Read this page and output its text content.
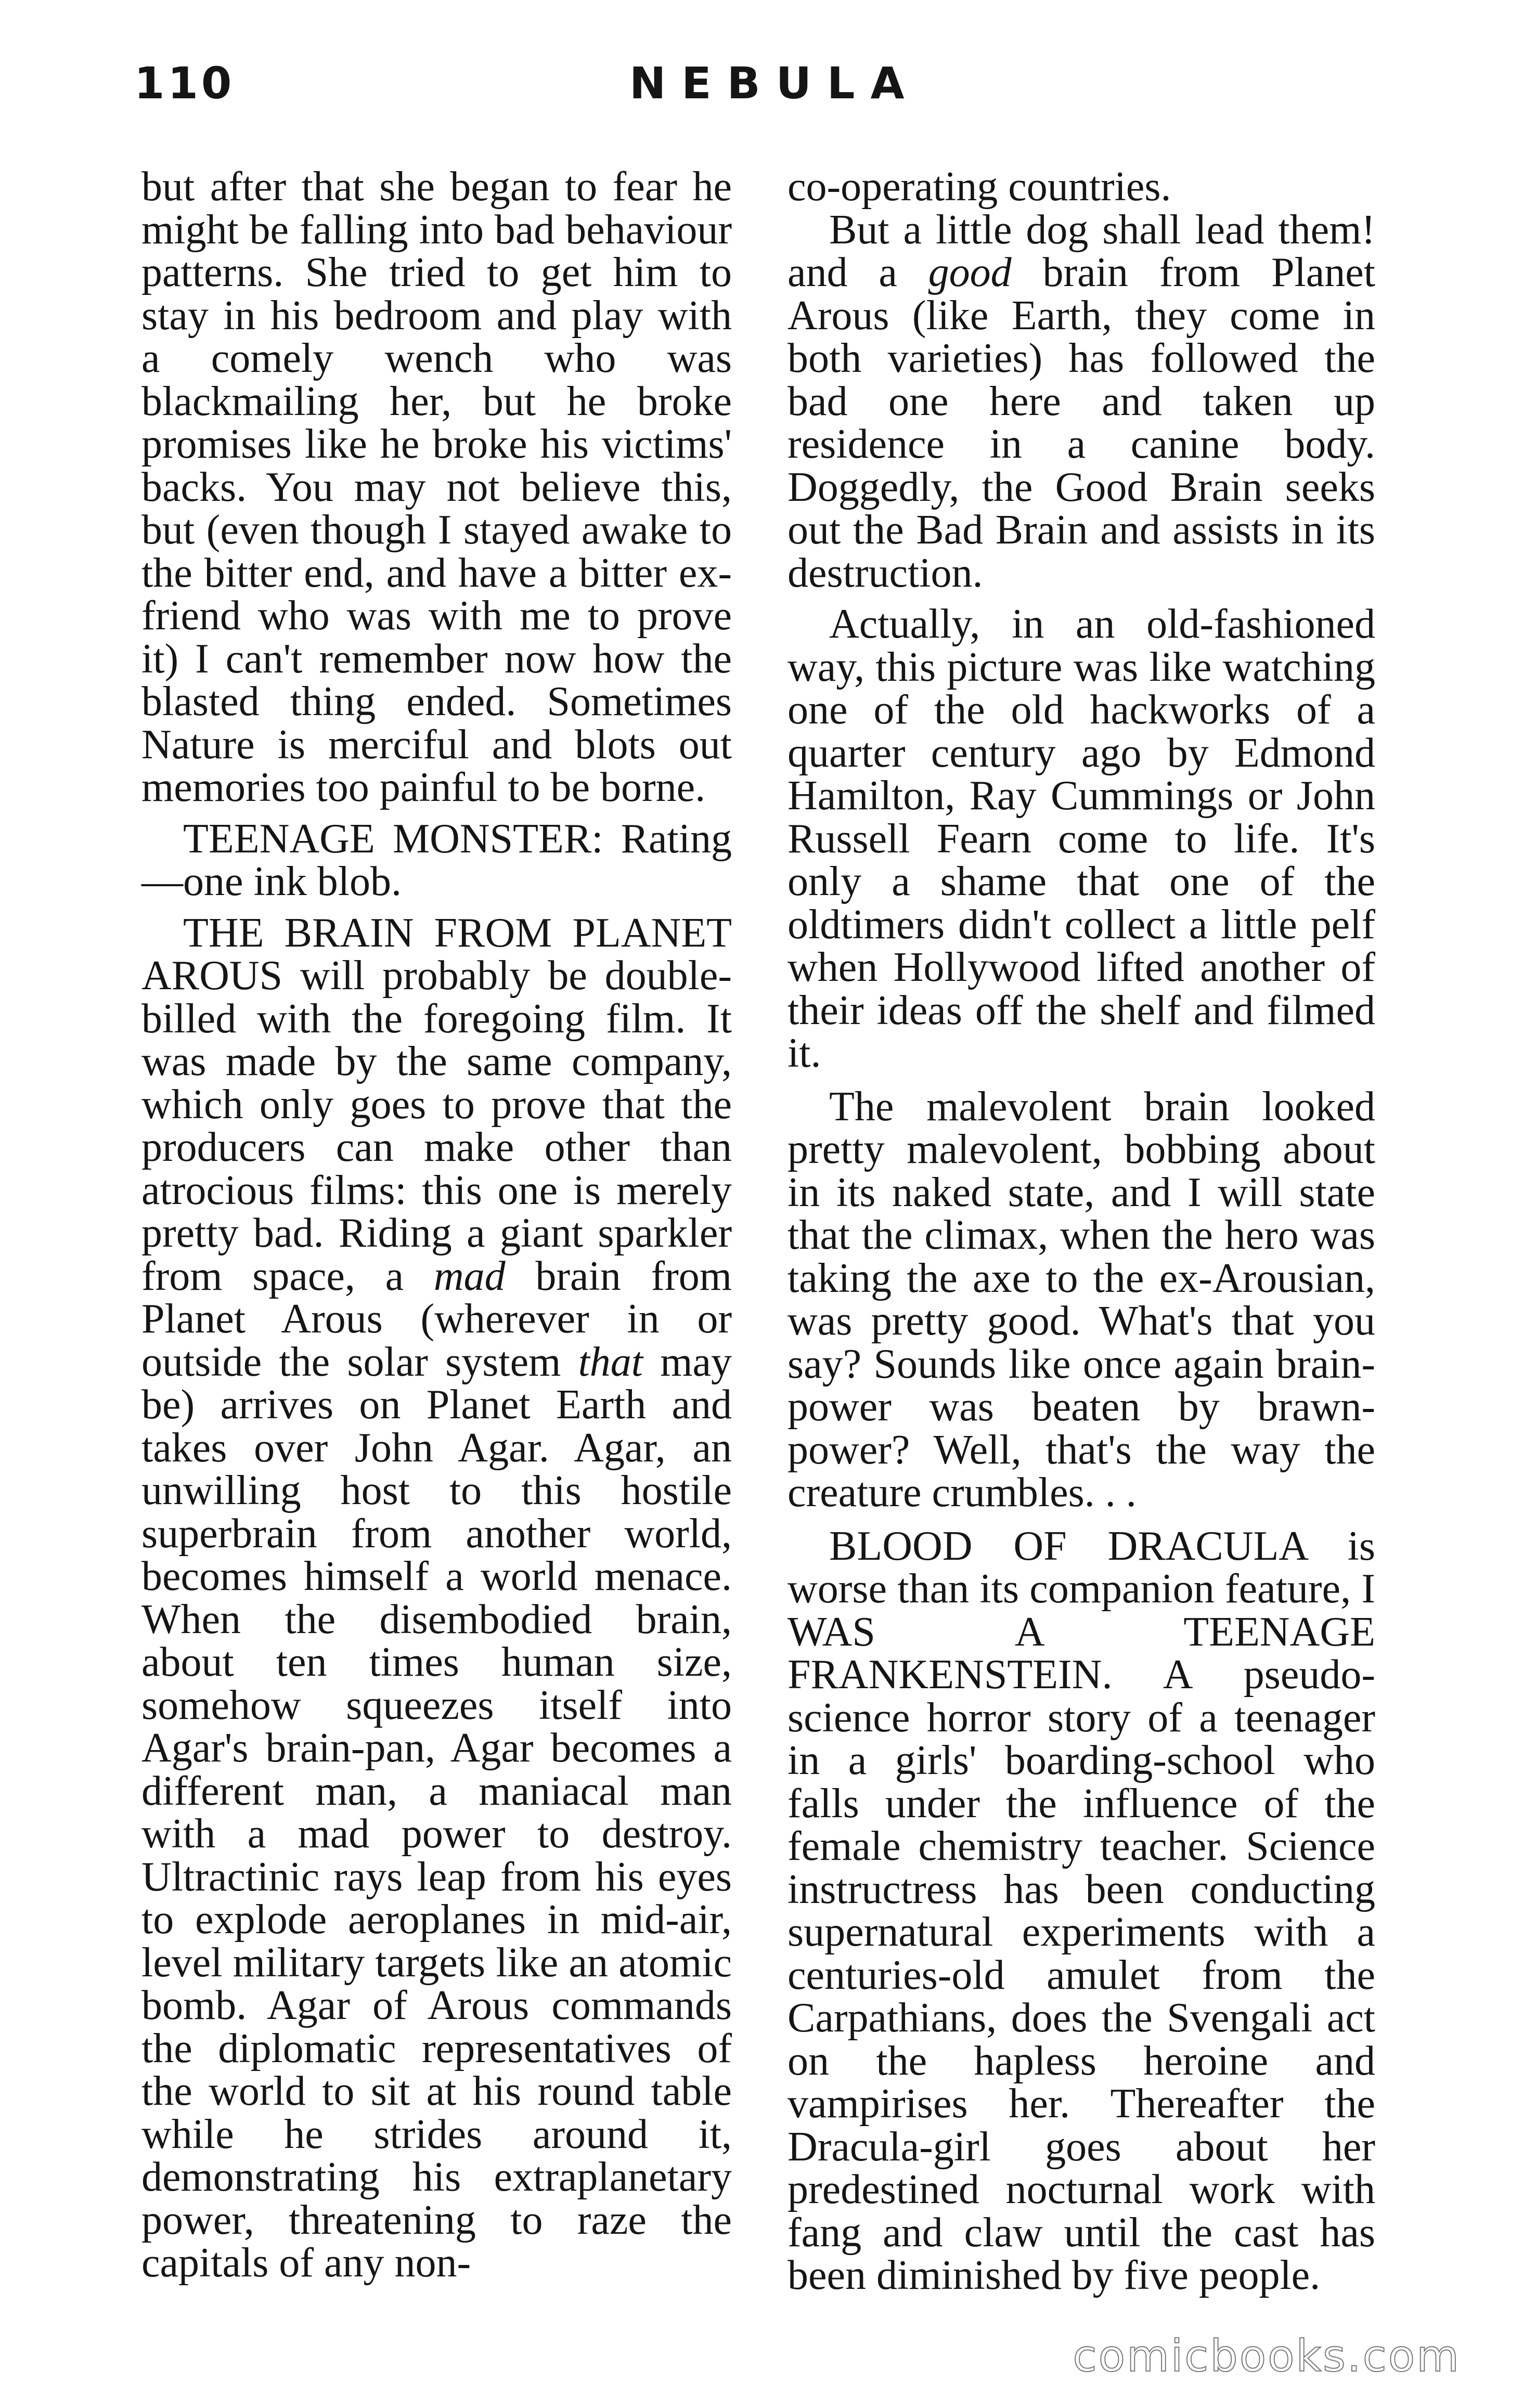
110	NEBULA

but after that she began to fear he might be falling into bad behaviour patterns. She tried to get him to stay in his bedroom and play with a comely wench who was blackmailing her, but he broke promises like he broke his victims' backs. You may not believe this, but (even though I stayed awake to the bitter end, and have a bitter ex-friend who was with me to prove it) I can't remember now how the blasted thing ended. Sometimes Nature is merciful and blots out memories too painful to be borne.

TEENAGE MONSTER: Rating—one ink blob.

THE BRAIN FROM PLANET AROUS will probably be double-billed with the foregoing film. It was made by the same company, which only goes to prove that the producers can make other than atrocious films: this one is merely pretty bad. Riding a giant sparkler from space, a mad brain from Planet Arous (wherever in or outside the solar system that may be) arrives on Planet Earth and takes over John Agar. Agar, an unwilling host to this hostile superbrain from another world, becomes himself a world menace. When the disembodied brain, about ten times human size, somehow squeezes itself into Agar's brain-pan, Agar becomes a different man, a maniacal man with a mad power to destroy. Ultractinic rays leap from his eyes to explode aeroplanes in mid-air, level military targets like an atomic bomb. Agar of Arous commands the diplomatic representatives of the world to sit at his round table while he strides around it, demonstrating his extraplanetary power, threatening to raze the capitals of any non-

co-operating countries.

But a little dog shall lead them! and a good brain from Planet Arous (like Earth, they come in both varieties) has followed the bad one here and taken up residence in a canine body. Doggedly, the Good Brain seeks out the Bad Brain and assists in its destruction.

Actually, in an old-fashioned way, this picture was like watching one of the old hackworks of a quarter century ago by Edmond Hamilton, Ray Cummings or John Russell Fearn come to life. It's only a shame that one of the oldtimers didn't collect a little pelf when Hollywood lifted another of their ideas off the shelf and filmed it.

The malevolent brain looked pretty malevolent, bobbing about in its naked state, and I will state that the climax, when the hero was taking the axe to the ex-Arousian, was pretty good. What's that you say? Sounds like once again brain-power was beaten by brawn-power? Well, that's the way the creature crumbles. . .

BLOOD OF DRACULA is worse than its companion feature, I WAS A TEENAGE FRANKENSTEIN. A pseudo-science horror story of a teenager in a girls' boarding-school who falls under the influence of the female chemistry teacher. Science instructress has been conducting supernatural experiments with a centuries-old amulet from the Carpathians, does the Svengali act on the hapless heroine and vampirises her. Thereafter the Dracula-girl goes about her predestined nocturnal work with fang and claw until the cast has been diminished by five people.

comicbooks.com
